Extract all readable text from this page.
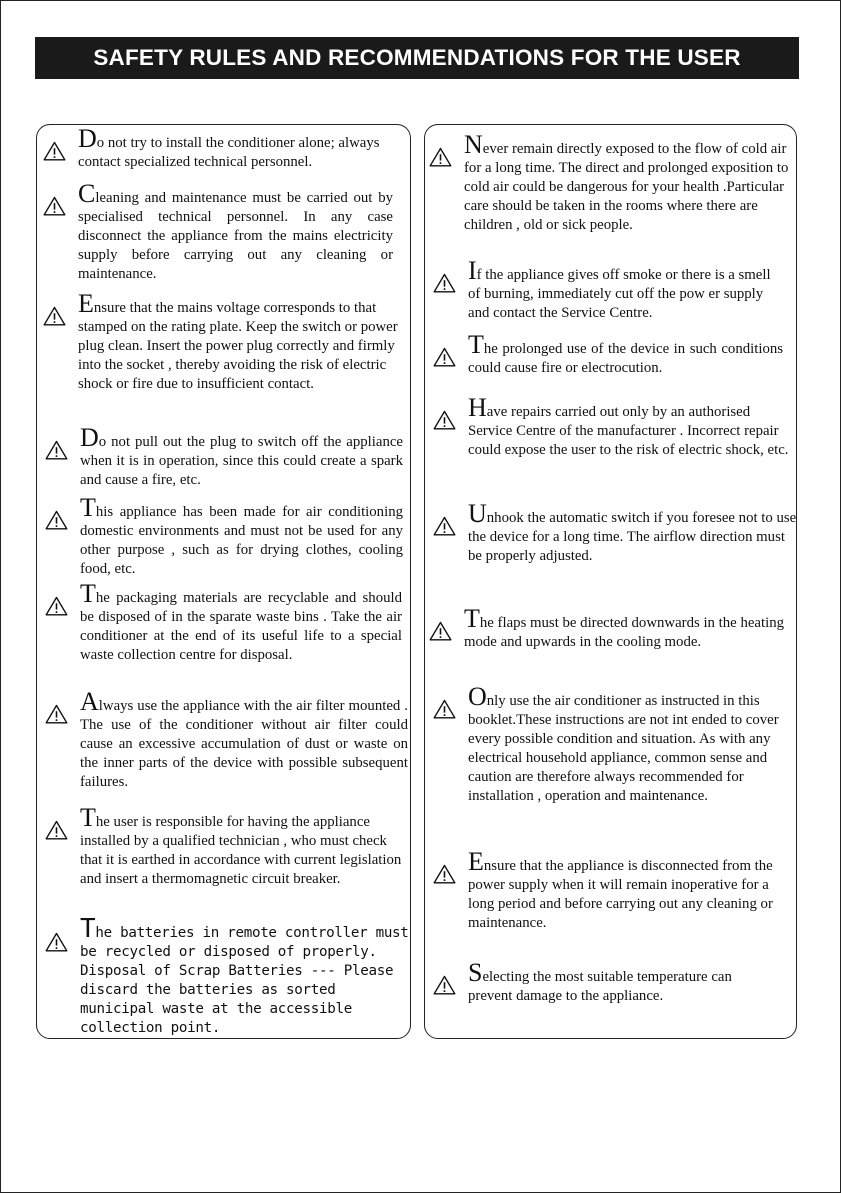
SAFETY RULES AND RECOMMENDATIONS FOR THE USER
Do not try to install the conditioner alone; always contact specialized technical personnel.
Cleaning and maintenance must be carried out by specialised technical personnel. In any case disconnect the appliance from the mains electricity supply before carrying out any cleaning or maintenance.
Ensure that the mains voltage corresponds to that stamped on the rating plate. Keep the switch or power plug clean. Insert the power plug correctly and firmly into the socket , thereby avoiding the risk of electric shock or fire due to insufficient contact.
Do not pull out the plug to switch off the appliance when it is in operation, since this could create a spark and cause a fire, etc.
This appliance has been made for air conditioning domestic environments and must not be used for any other purpose , such as for drying clothes, cooling food, etc.
The packaging materials are recyclable and should be disposed of in the sparate waste bins . Take the air conditioner at the end of its useful life to a special waste collection centre for disposal.
Always use the appliance with the air filter mounted . The use of the conditioner without air filter could cause an excessive accumulation of dust or waste on the inner parts of the device with possible subsequent failures.
The user is responsible for having the appliance installed by a qualified technician , who must check that it is earthed in accordance with current legislation and insert a thermomagnetic circuit breaker.
The batteries in remote controller must be recycled or disposed of properly. Disposal of Scrap Batteries --- Please discard the batteries as sorted municipal waste at the accessible collection point.
Never remain directly exposed to the flow of cold air for a long time. The direct and prolonged exposition to cold air could be dangerous for your health .Particular care should be taken in the rooms where there are children , old or sick people.
If the appliance gives off smoke or there is a smell of burning, immediately cut off the pow er supply and contact the Service Centre.
The prolonged use of the device in such conditions could cause fire or electrocution.
Have repairs carried out only by an authorised Service Centre of the manufacturer . Incorrect repair could expose the user to the risk of electric shock, etc.
Unhook the automatic switch if you foresee not to use the device for a long time. The airflow direction must be properly adjusted.
The flaps must be directed downwards in the heating mode and upwards in the cooling mode.
Only use the air conditioner as instructed in this booklet.These instructions are not int ended to cover every possible condition and situation. As with any electrical household appliance, common sense and caution are therefore always recommended for installation , operation and maintenance.
Ensure that the appliance is disconnected from the power supply when it will remain inoperative for a long period and before carrying out any cleaning or maintenance.
Selecting the most suitable temperature can prevent damage to the appliance.
